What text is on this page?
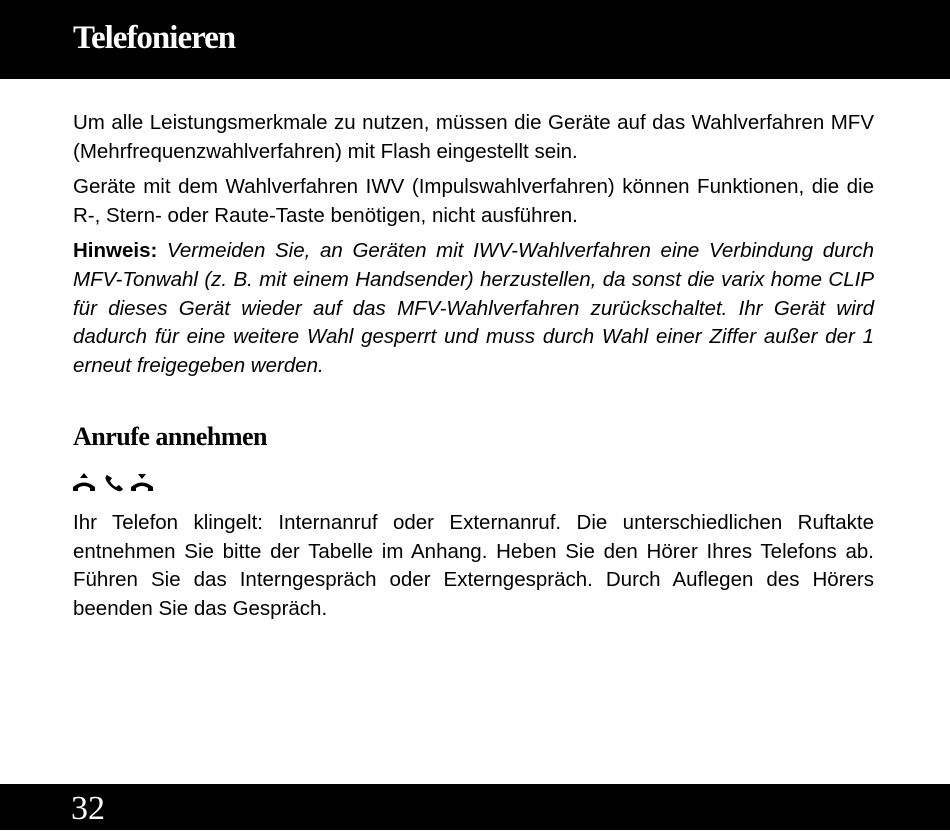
Telefonieren

Um alle Leistungsmerkmale zu nutzen, müssen die Geräte auf das Wahlverfahren MFV (Mehrfrequenzwahlverfahren) mit Flash eingestellt sein.

Geräte mit dem Wahlverfahren IWV (Impulswahlverfahren) können Funktionen, die die R-, Stern- oder Raute-Taste benötigen, nicht ausführen.

Hinweis: Vermeiden Sie, an Geräten mit IWV-Wahlverfahren eine Verbindung durch MFV-Tonwahl (z. B. mit einem Handsender) herzustellen, da sonst die varix home CLIP für dieses Gerät wieder auf das MFV-Wahlverfahren zurückschaltet. Ihr Gerät wird dadurch für eine weitere Wahl gesperrt und muss durch Wahl einer Ziffer außer der 1 erneut freigegeben werden.

Anrufe annehmen

Ihr Telefon klingelt: Internanruf oder Externanruf. Die unterschiedlichen Ruftakte entnehmen Sie bitte der Tabelle im Anhang. Heben Sie den Hörer Ihres Telefons ab. Führen Sie das Interngespräch oder Externgespräch. Durch Auflegen des Hörers beenden Sie das Gespräch.

32
